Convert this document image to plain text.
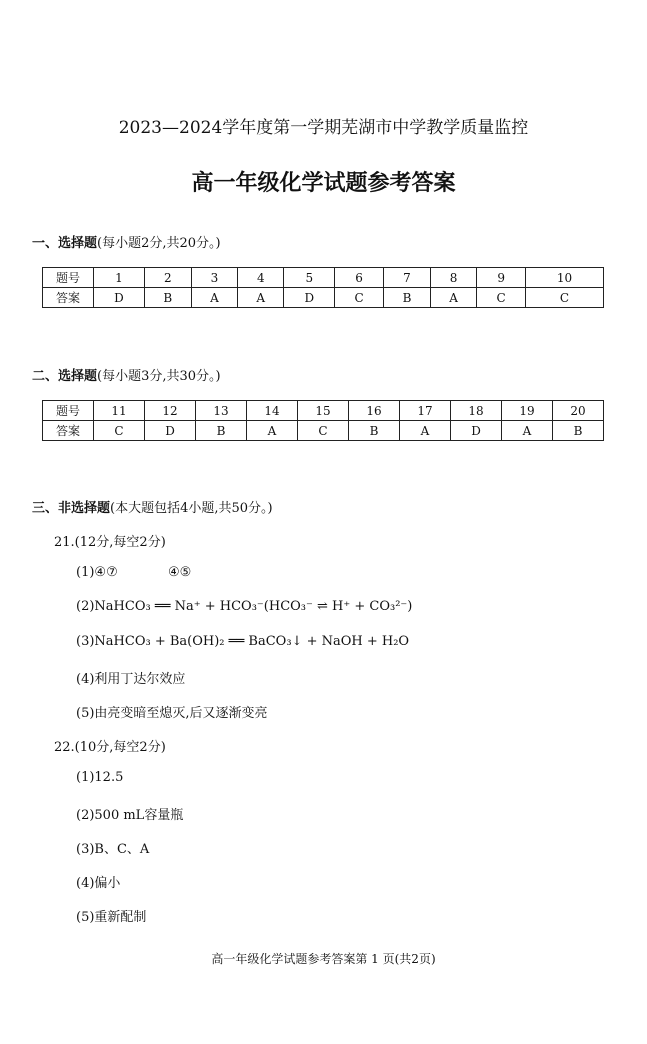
2023—2024学年度第一学期芜湖市中学教学质量监控
高一年级化学试题参考答案
一、选择题(每小题2分,共20分。)
题号	1	2	3	4	5	6	7	8	9	10
答案	D	B	A	A	D	C	B	A	C	C
二、选择题(每小题3分,共30分。)
题号	11	12	13	14	15	16	17	18	19	20
答案	C	D	B	A	C	B	A	D	A	B
三、非选择题(本大题包括4小题,共50分。)
21.(12分,每空2分)
(1)④⑦	④⑤
(2)NaHCO₃ ══ Na⁺ + HCO₃⁻(HCO₃⁻ ⇌ H⁺ + CO₃²⁻)
(3)NaHCO₃ + Ba(OH)₂ ══ BaCO₃↓ + NaOH + H₂O
(4)利用丁达尔效应
(5)由亮变暗至熄灭,后又逐渐变亮
22.(10分,每空2分)
(1)12.5
(2)500 mL容量瓶
(3)B、C、A
(4)偏小
(5)重新配制
高一年级化学试题参考答案第 1 页(共2页)
